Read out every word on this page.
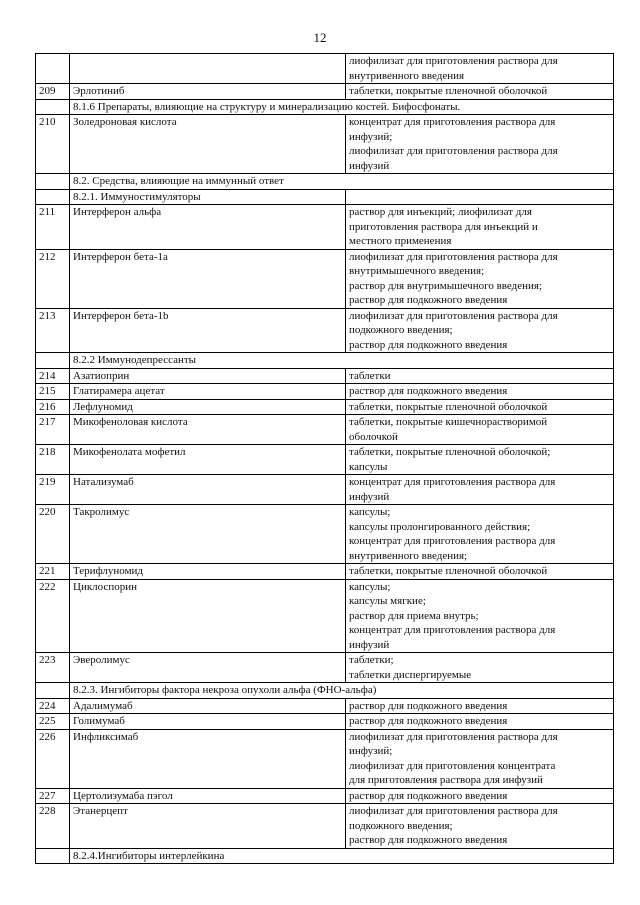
12

		лиофилизат для приготовления раствора для
внутривенного введения

209	Эрлотиниб	таблетки, покрытые пленочной оболочкой

	8.1.6 Препараты, влияющие на структуру и минерализацию костей. Бифосфонаты.	
210	Золедроновая кислота	концентрат для приготовления раствора для
инфузий;
лиофилизат для приготовления раствора для
инфузий

	8.2. Средства, влияющие на иммунный ответ	
	8.2.1. Иммуностимуляторы	
211	Интерферон альфа	раствор для инъекций; лиофилизат для
приготовления раствора для инъекций и
местного применения

212	Интерферон бета-1а	лиофилизат для приготовления раствора для
внутримышечного введения;
раствор для внутримышечного введения;
раствор для подкожного введения

213	Интерферон бета-1b	лиофилизат для приготовления раствора для
подкожного введения;
раствор для подкожного введения

	8.2.2 Иммунодепрессанты	
214	Азатиоприн	таблетки

215	Глатирамера ацетат	раствор для подкожного введения

216	Лефлуномид	таблетки, покрытые пленочной оболочкой

217	Микофеноловая кислота	таблетки, покрытые кишечнорастворимой
оболочкой

218	Микофенолата мофетил	таблетки, покрытые пленочной оболочкой;
капсулы

219	Натализумаб	концентрат для приготовления раствора для
инфузий

220	Такролимус	капсулы;
капсулы пролонгированного действия;
концентрат для приготовления раствора для
внутривенного введения;

221	Терифлуномид	таблетки, покрытые пленочной оболочкой

222	Циклоспорин	капсулы;
капсулы мягкие;
раствор для приема внутрь;
концентрат для приготовления раствора для
инфузий

223	Эверолимус	таблетки;
таблетки диспергируемые

	8.2.3. Ингибиторы фактора некроза опухоли альфа (ФНО-альфа)	
224	Адалимумаб	раствор для подкожного введения

225	Голимумаб	раствор для подкожного введения

226	Инфликсимаб	лиофилизат для приготовления раствора для
инфузий;
лиофилизат для приготовления концентрата
для приготовления раствора для инфузий

227	Цертолизумаба пэгол	раствор для подкожного введения

228	Этанерцепт	лиофилизат для приготовления раствора для
подкожного введения;
раствор для подкожного введения

	8.2.4.Ингибиторы интерлейкина	
